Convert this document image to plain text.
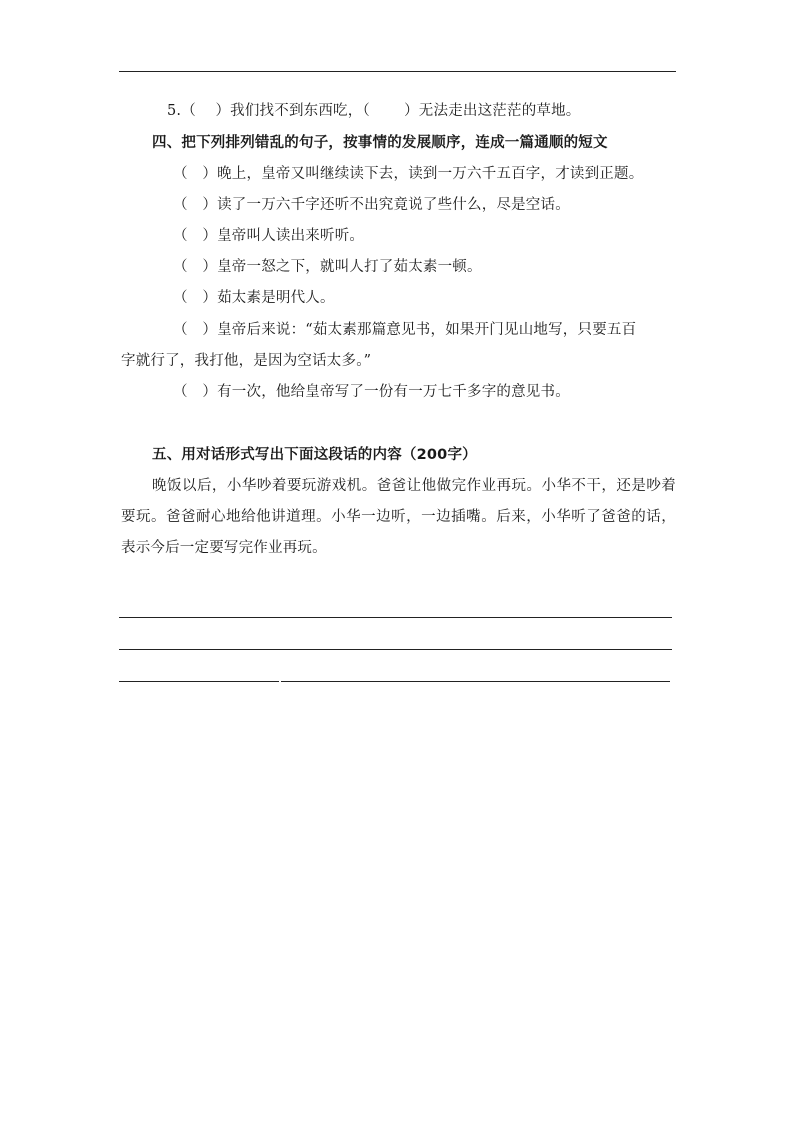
5.（　 ）我们找不到东西吃，（　 　）无法走出这茫茫的草地。
四、把下列排列错乱的句子，按事情的发展顺序，连成一篇通顺的短文
（　）晚上，皇帝又叫继续读下去，读到一万六千五百字，才读到正题。
（　）读了一万六千字还听不出究竟说了些什么，尽是空话。
（　）皇帝叫人读出来听听。
（　）皇帝一怒之下，就叫人打了茹太素一顿。
（　）茹太素是明代人。
（　）皇帝后来说：“茹太素那篇意见书，如果开门见山地写，只要五百
字就行了，我打他，是因为空话太多。”
（　）有一次，他给皇帝写了一份有一万七千多字的意见书。
五、用对话形式写出下面这段话的内容（200字）
晚饭以后，小华吵着要玩游戏机。爸爸让他做完作业再玩。小华不干，还是吵着要玩。爸爸耐心地给他讲道理。小华一边听，一边插嘴。后来，小华听了爸爸的话，表示今后一定要写完作业再玩。
